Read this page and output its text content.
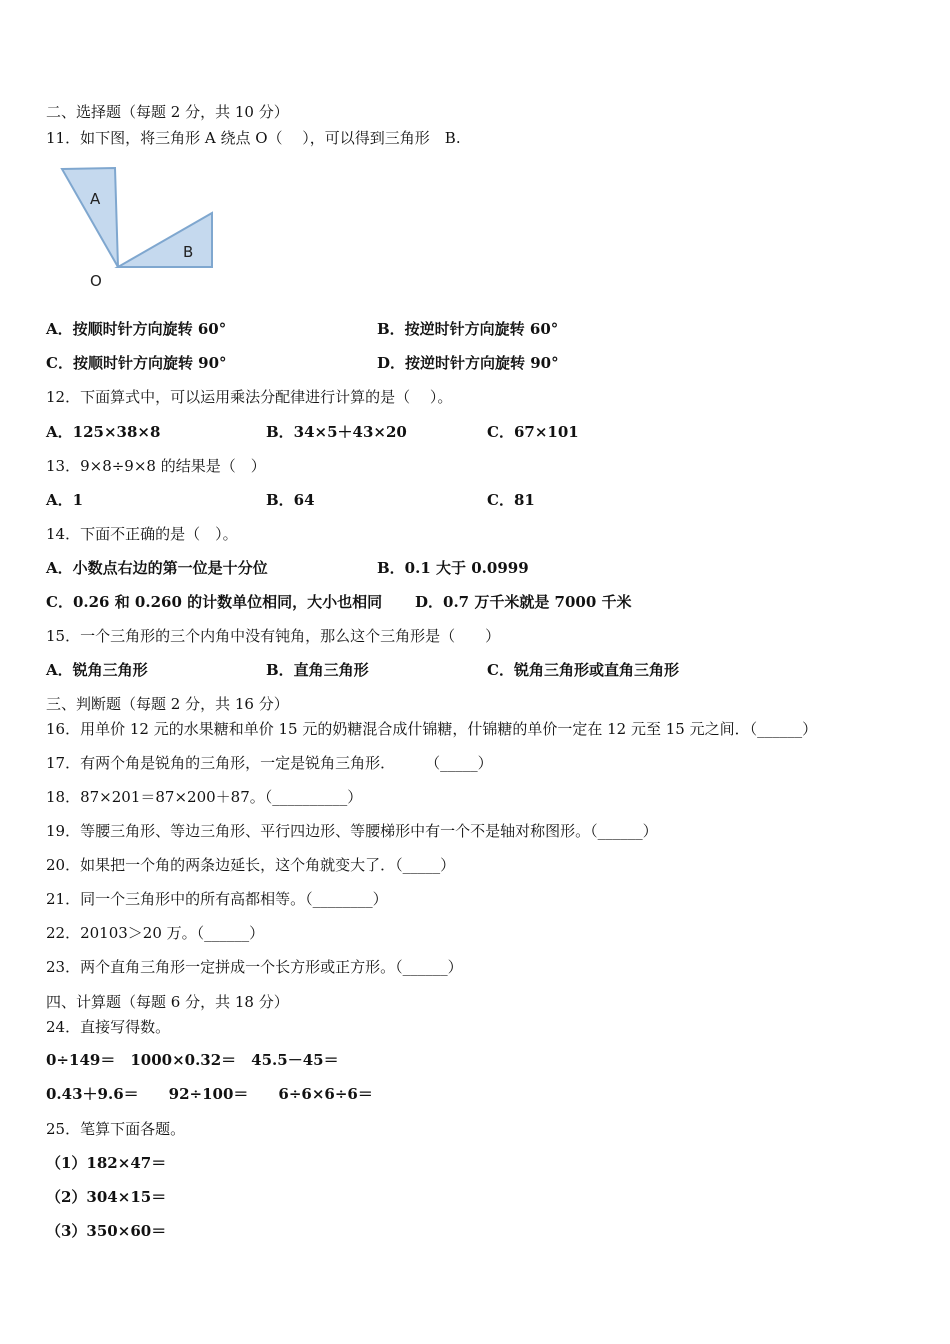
二、选择题（每题 2 分，共 10 分）
11．如下图，将三角形 A 绕点 O（　 ），可以得到三角形　B.
A
B
O
A．按顺时针方向旋转 60°	B．按逆时针方向旋转 60°
C．按顺时针方向旋转 90°	D．按逆时针方向旋转 90°
12．下面算式中，可以运用乘法分配律进行计算的是（　 ）。
A．125×38×8	B．34×5＋43×20	C．67×101
13．9×8÷9×8 的结果是（　）
A．1	B．64	C．81
14．下面不正确的是（　）。
A．小数点右边的第一位是十分位	B．0.1 大于 0.0999
C．0.26 和 0.260 的计数单位相同，大小也相同 D．0.7 万千米就是 7000 千米
15．一个三角形的三个内角中没有钝角，那么这个三角形是（　　）
A．锐角三角形	B．直角三角形	C．锐角三角形或直角三角形
三、判断题（每题 2 分，共 16 分）
16．用单价 12 元的水果糖和单价 15 元的奶糖混合成什锦糖，什锦糖的单价一定在 12 元至 15 元之间．（______）
17．有两个角是锐角的三角形，一定是锐角三角形．　　　（_____）
18．87×201＝87×200＋87。（__________）
19．等腰三角形、等边三角形、平行四边形、等腰梯形中有一个不是轴对称图形。（______）
20．如果把一个角的两条边延长，这个角就变大了．（_____）
21．同一个三角形中的所有高都相等。（________）
22．20103＞20 万。（______）
23．两个直角三角形一定拼成一个长方形或正方形。（______）
四、计算题（每题 6 分，共 18 分）
24．直接写得数。
0÷149＝　1000×0.32＝　45.5－45＝
0.43＋9.6＝　　92÷100＝　　6÷6×6÷6＝
25．笔算下面各题。
（1）182×47＝
（2）304×15＝
（3）350×60＝
